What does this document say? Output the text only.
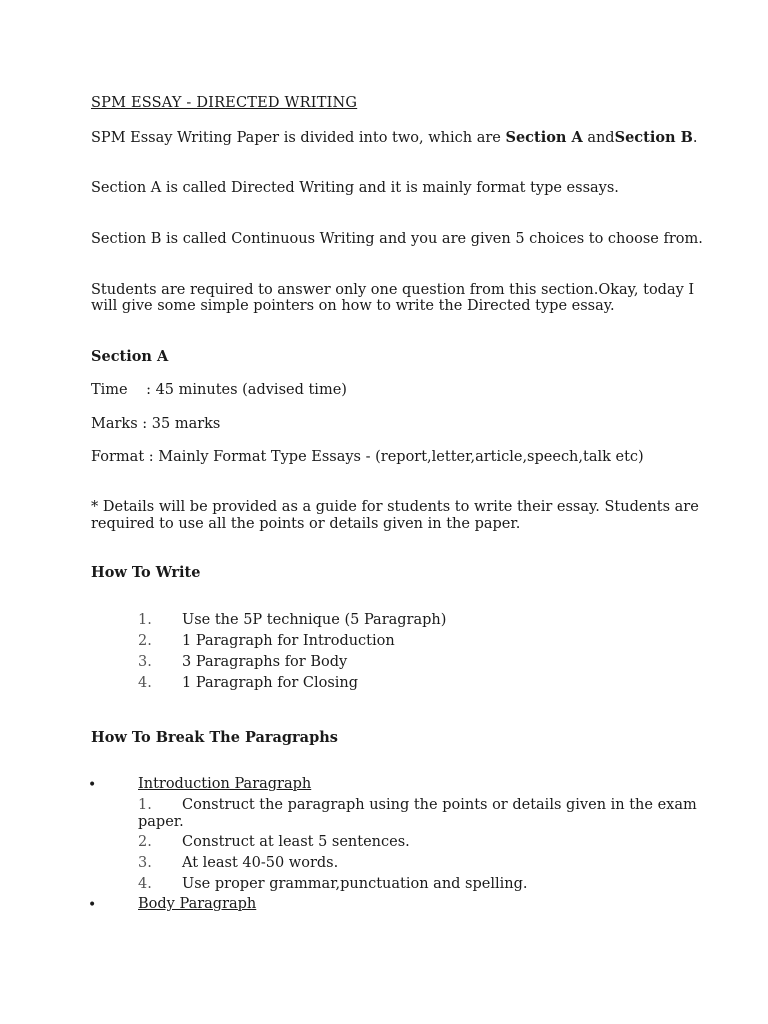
SPM ESSAY - DIRECTED WRITING
SPM Essay Writing Paper is divided into two, which are Section A andSection B.
Section A is called Directed Writing and it is mainly format type essays.
Section B is called Continuous Writing and you are given 5 choices to choose from.
Students are required to answer only one question from this section.Okay, today I
will give some simple pointers on how to write the Directed type essay.
Section A
Time    : 45 minutes (advised time)
Marks : 35 marks
Format : Mainly Format Type Essays - (report,letter,article,speech,talk etc)
* Details will be provided as a guide for students to write their essay. Students are
required to use all the points or details given in the paper.
How To Write
1. Use the 5P technique (5 Paragraph)
2. 1 Paragraph for Introduction
3. 3 Paragraphs for Body
4. 1 Paragraph for Closing
How To Break The Paragraphs
•	Introduction Paragraph
1. Construct the paragraph using the points or details given in the exam
paper.
2. Construct at least 5 sentences.
3. At least 40-50 words.
4. Use proper grammar,punctuation and spelling.
•	Body Paragraph
